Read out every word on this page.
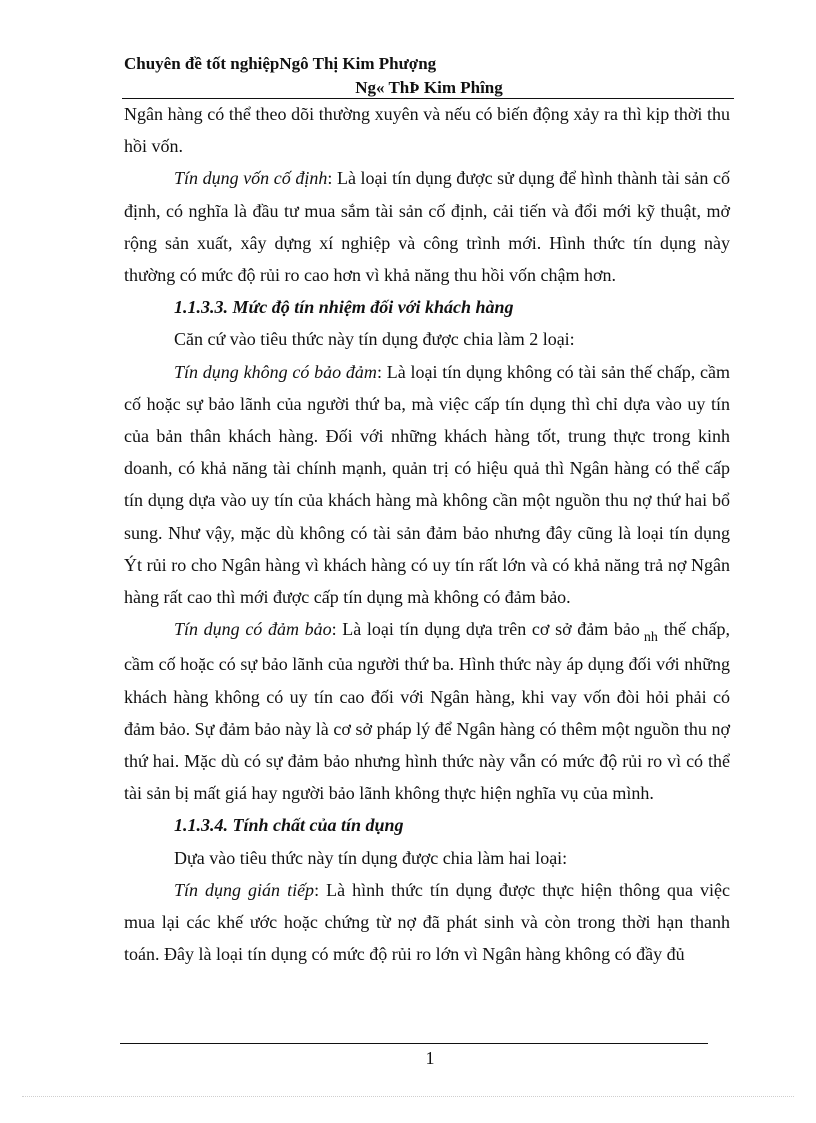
Chuyên đề tốt nghiệpNgô Thị Kim Phượng
Ng« ThÞ Kim Phîng

Ngân hàng có thể theo dõi thường xuyên và nếu có biến động xảy ra thì kịp thời thu hồi vốn.

Tín dụng vốn cố định: Là loại tín dụng được sử dụng để hình thành tài sản cố định, có nghĩa là đầu tư mua sắm tài sản cố định, cải tiến và đổi mới kỹ thuật, mở rộng sản xuất, xây dựng xí nghiệp và công trình mới. Hình thức tín dụng này thường có mức độ rủi ro cao hơn vì khả năng thu hồi vốn chậm hơn.

1.1.3.3. Mức độ tín nhiệm đối với khách hàng

Căn cứ vào tiêu thức này tín dụng được chia làm 2 loại:

Tín dụng không có bảo đảm: Là loại tín dụng không có tài sản thế chấp, cầm cố hoặc sự bảo lãnh của người thứ ba, mà việc cấp tín dụng thì chỉ dựa vào uy tín của bản thân khách hàng. Đối với những khách hàng tốt, trung thực trong kinh doanh, có khả năng tài chính mạnh, quản trị có hiệu quả thì Ngân hàng có thể cấp tín dụng dựa vào uy tín của khách hàng mà không cần một nguồn thu nợ thứ hai bổ sung. Như vậy, mặc dù không có tài sản đảm bảo nhưng đây cũng là loại tín dụng Ýt rủi ro cho Ngân hàng vì khách hàng có uy tín rất lớn và có khả năng trả nợ Ngân hàng rất cao thì mới được cấp tín dụng mà không có đảm bảo.

Tín dụng có đảm bảo: Là loại tín dụng dựa trên cơ sở đảm bảo $_{nh}$ thế chấp, cầm cố hoặc có sự bảo lãnh của người thứ ba. Hình thức này áp dụng đối với những khách hàng không có uy tín cao đối với Ngân hàng, khi vay vốn đòi hỏi phải có đảm bảo. Sự đảm bảo này là cơ sở pháp lý để Ngân hàng có thêm một nguồn thu nợ thứ hai. Mặc dù có sự đảm bảo nhưng hình thức này vẫn có mức độ rủi ro vì có thể tài sản bị mất giá hay người bảo lãnh không thực hiện nghĩa vụ của mình.

1.1.3.4. Tính chất của tín dụng

Dựa vào tiêu thức này tín dụng được chia làm hai loại:

Tín dụng gián tiếp: Là hình thức tín dụng được thực hiện thông qua việc mua lại các khế ước hoặc chứng từ nợ đã phát sinh và còn trong thời hạn thanh toán. Đây là loại tín dụng có mức độ rủi ro lớn vì Ngân hàng không có đầy đủ

1
